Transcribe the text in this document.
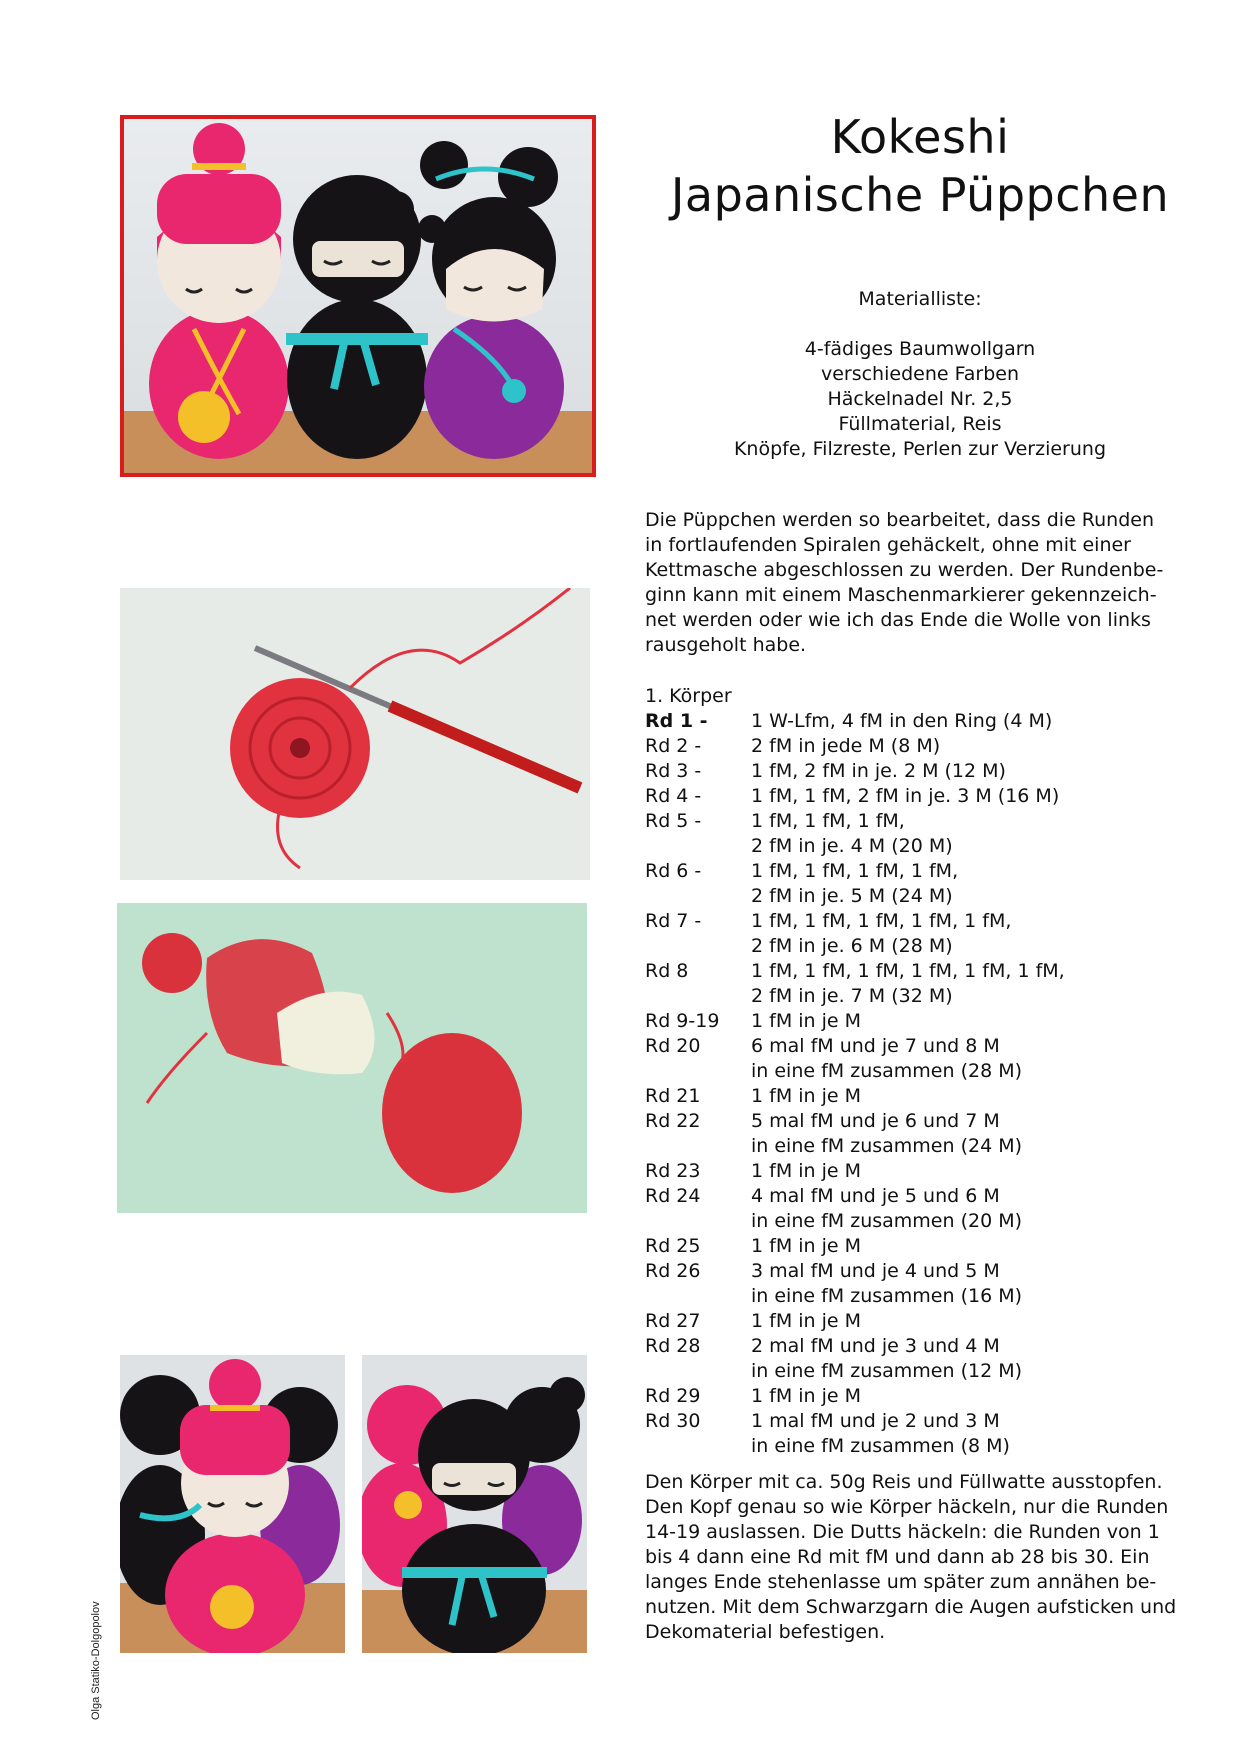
Kokeshi
Japanische Püppchen
Materialliste:
4-fädiges Baumwollgarn
verschiedene Farben
Häckelnadel Nr. 2,5
Füllmaterial, Reis
Knöpfe, Filzreste, Perlen zur Verzierung
Die Püppchen werden so bearbeitet, dass die Runden in fortlaufenden Spiralen gehäckelt, ohne mit einer Kettmasche abgeschlossen zu werden. Der Rundenbe-ginn kann mit einem Maschenmarkierer gekennzeich-net werden oder wie ich das Ende die Wolle von links rausgeholt habe.
1. Körper
Rd 1 -	1 W-Lfm, 4 fM in den Ring (4 M)
Rd 2 -	2 fM in jede M (8 M)
Rd 3 -	1 fM, 2 fM in je. 2 M (12 M)
Rd 4 -	1 fM, 1 fM, 2 fM in je. 3 M (16 M)
Rd 5 -	1 fM, 1 fM, 1 fM,
2 fM in je. 4 M (20 M)
Rd 6 -	1 fM, 1 fM, 1 fM, 1 fM,
2 fM in je. 5 M (24 M)
Rd 7 -	1 fM, 1 fM, 1 fM, 1 fM, 1 fM,
2 fM in je. 6 M (28 M)
Rd 8	1 fM, 1 fM, 1 fM, 1 fM, 1 fM, 1 fM,
2 fM in je. 7 M (32 M)
Rd 9-19	1 fM in je M
Rd 20	6 mal fM und je 7 und 8 M
in eine fM zusammen (28 M)
Rd 21	1 fM in je M
Rd 22	5 mal fM und je 6 und 7 M
in eine fM zusammen (24 M)
Rd 23	1 fM in je M
Rd 24	4 mal fM und je 5 und 6 M
in eine fM zusammen (20 M)
Rd 25	1 fM in je M
Rd 26	3 mal fM und je 4 und 5 M
in eine fM zusammen (16 M)
Rd 27	1 fM in je M
Rd 28	2 mal fM und je 3 und 4 M
in eine fM zusammen (12 M)
Rd 29	1 fM in je M
Rd 30	1 mal fM und je 2 und 3 M
in eine fM zusammen (8 M)
Den Körper mit ca. 50g Reis und Füllwatte ausstopfen. Den Kopf genau so wie Körper häckeln, nur die Runden 14-19 auslassen. Die Dutts häckeln: die Runden von 1 bis 4 dann eine Rd mit fM und dann ab 28 bis 30. Ein langes Ende stehenlasse um später zum annähen be-nutzen. Mit dem Schwarzgarn die Augen aufsticken und Dekomaterial befestigen.
Olga Statiko-Dolgopolov
